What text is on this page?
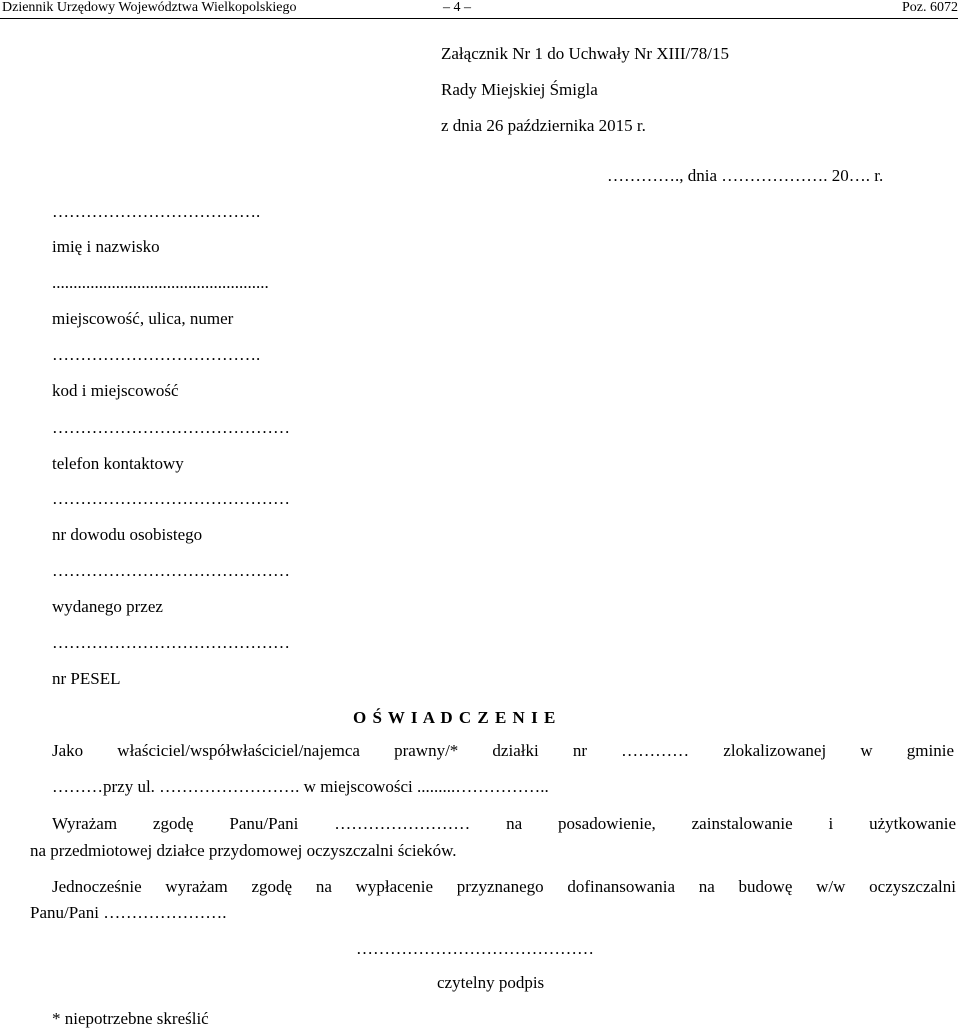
Dziennik Urzędowy Województwa Wielkopolskiego	– 4 –	Poz. 6072
Załącznik Nr 1 do Uchwały Nr XIII/78/15
Rady Miejskiej Śmigla
z dnia 26 października 2015 r.
…………., dnia ………………. 20…. r.
……………………………….
imię i nazwisko
...................................................
miejscowość, ulica, numer
……………………………….
kod i miejscowość
……………………………………
telefon kontaktowy
……………………………………
nr dowodu osobistego
……………………………………
wydanego przez
……………………………………
nr PESEL
O Ś W I A D C Z E N I E
Jako właściciel/współwłaściciel/najemca prawny/* działki nr ………… zlokalizowanej w gminie
………przy ul. ……………………. w miejscowości .........……………..
Wyrażam zgodę Panu/Pani …………………… na posadowienie, zainstalowanie i użytkowanie
na przedmiotowej działce przydomowej oczyszczalni ścieków.
Jednocześnie wyrażam zgodę na wypłacenie przyznanego dofinansowania na budowę w/w oczyszczalni
Panu/Pani ………………….
……………………………………
czytelny podpis
* niepotrzebne skreślić
